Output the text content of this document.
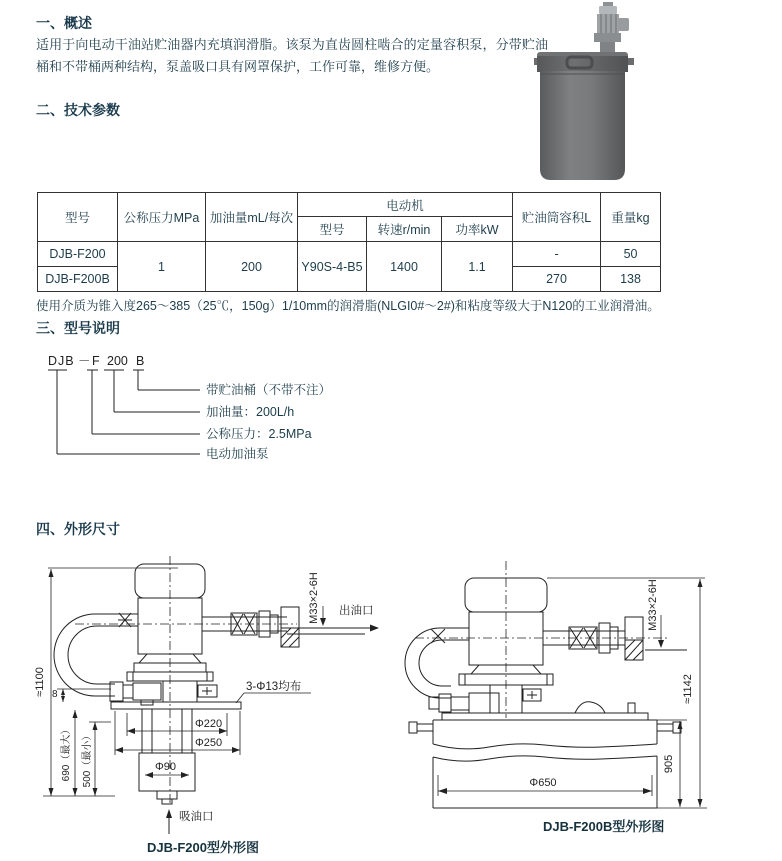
一、概述
适用于向电动干油站贮油器内充填润滑脂。该泵为直齿圆柱啮合的定量容积泵，分带贮油桶和不带桶两种结构，泵盖吸口具有网罩保护，工作可靠，维修方便。
二、技术参数
型号	公称压力MPa	加油量mL/每次	电动机			贮油筒容积L	重量kg
			型号	转速r/min	功率kW		
DJB-F200	1	200	Y90S-4-B5	1400	1.1	-	50
DJB-F200B						270	138
使用介质为锥入度265～385（25℃，150g）1/10mm的润滑脂(NLGI0#～2#)和粘度等级大于N120的工业润滑油。
三、型号说明
DJB － F 200 B
带贮油桶（不带不注）
加油量：200L/h
公称压力：2.5MPa
电动加油泵
四、外形尺寸
出油口
M33×2-6H
3-Φ13均布
≈1100 8
690（最大） 500（最小）
Φ220
Φ250
Φ90
吸油口
DJB-F200型外形图
M33×2-6H
Φ650
905
≈1142
DJB-F200B型外形图
